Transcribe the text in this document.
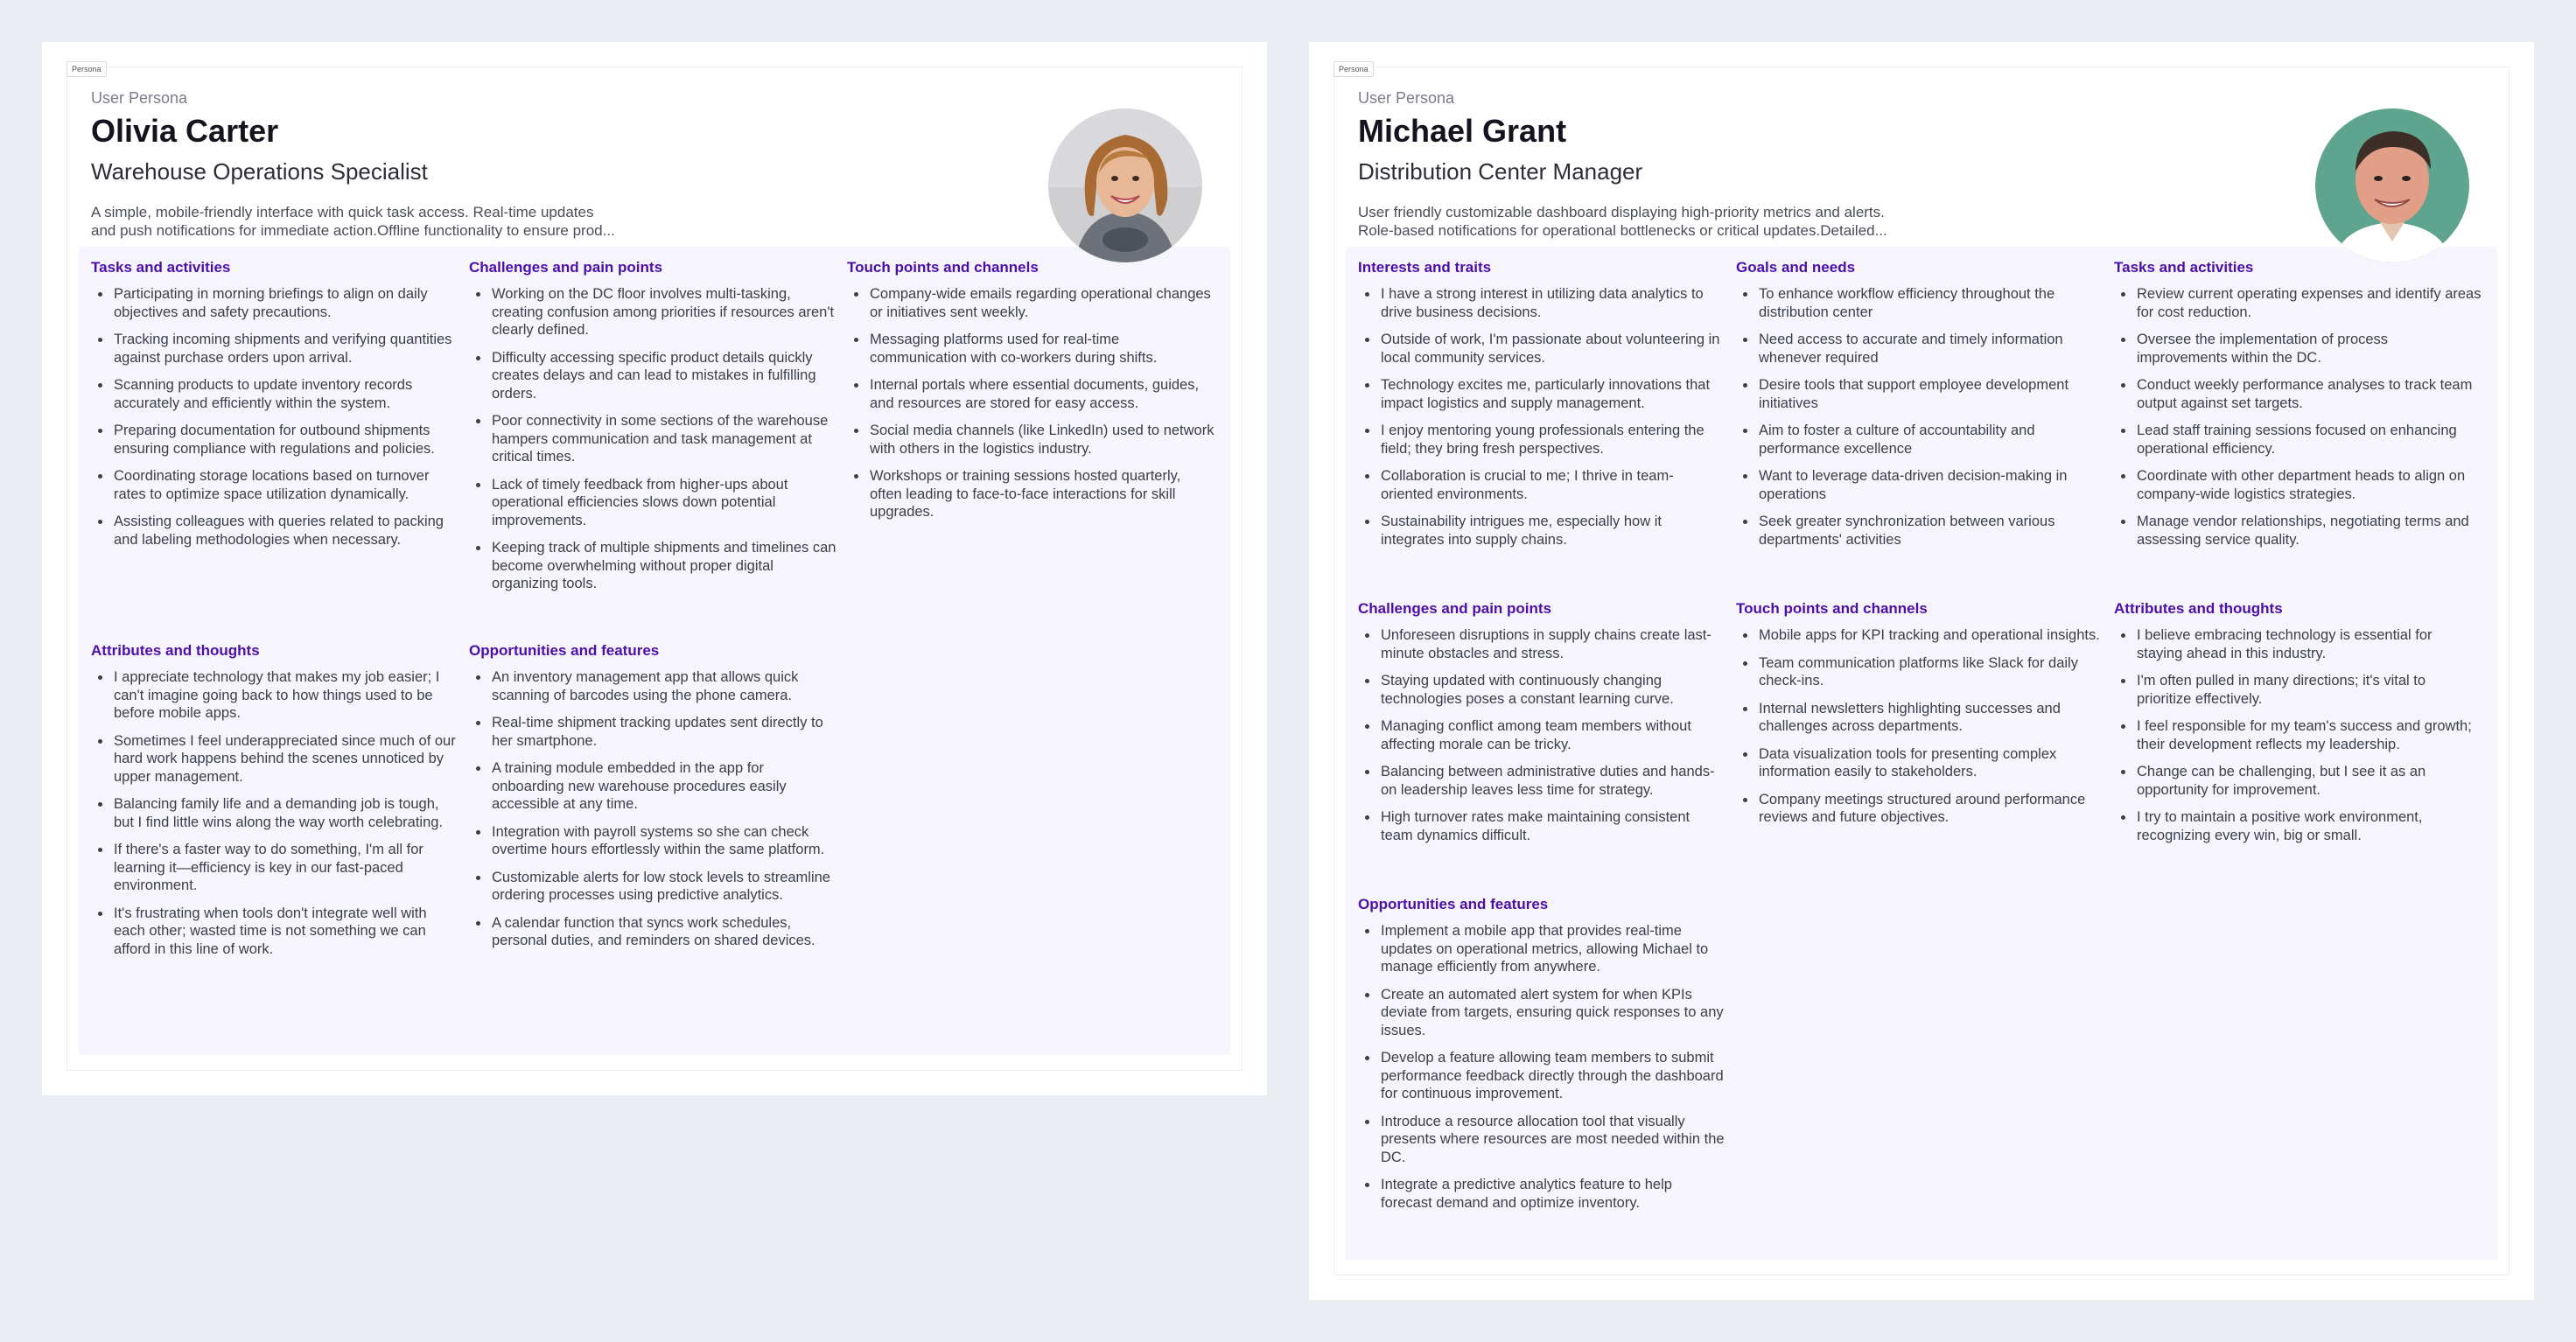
Persona
User Persona
Olivia Carter
Warehouse Operations Specialist
A simple, mobile-friendly interface with quick task access. Real-time updates
and push notifications for immediate action.Offline functionality to ensure prod...
Tasks and activities
• Participating in morning briefings to align on daily objectives and safety precautions.
• Tracking incoming shipments and verifying quantities against purchase orders upon arrival.
• Scanning products to update inventory records accurately and efficiently within the system.
• Preparing documentation for outbound shipments ensuring compliance with regulations and policies.
• Coordinating storage locations based on turnover rates to optimize space utilization dynamically.
• Assisting colleagues with queries related to packing and labeling methodologies when necessary.
Challenges and pain points
• Working on the DC floor involves multi-tasking, creating confusion among priorities if resources aren't clearly defined.
• Difficulty accessing specific product details quickly creates delays and can lead to mistakes in fulfilling orders.
• Poor connectivity in some sections of the warehouse hampers communication and task management at critical times.
• Lack of timely feedback from higher-ups about operational efficiencies slows down potential improvements.
• Keeping track of multiple shipments and timelines can become overwhelming without proper digital organizing tools.
Touch points and channels
• Company-wide emails regarding operational changes or initiatives sent weekly.
• Messaging platforms used for real-time communication with co-workers during shifts.
• Internal portals where essential documents, guides, and resources are stored for easy access.
• Social media channels (like LinkedIn) used to network with others in the logistics industry.
• Workshops or training sessions hosted quarterly, often leading to face-to-face interactions for skill upgrades.
Attributes and thoughts
• I appreciate technology that makes my job easier; I can't imagine going back to how things used to be before mobile apps.
• Sometimes I feel underappreciated since much of our hard work happens behind the scenes unnoticed by upper management.
• Balancing family life and a demanding job is tough, but I find little wins along the way worth celebrating.
• If there's a faster way to do something, I'm all for learning it—efficiency is key in our fast-paced environment.
• It's frustrating when tools don't integrate well with each other; wasted time is not something we can afford in this line of work.
Opportunities and features
• An inventory management app that allows quick scanning of barcodes using the phone camera.
• Real-time shipment tracking updates sent directly to her smartphone.
• A training module embedded in the app for onboarding new warehouse procedures easily accessible at any time.
• Integration with payroll systems so she can check overtime hours effortlessly within the same platform.
• Customizable alerts for low stock levels to streamline ordering processes using predictive analytics.
• A calendar function that syncs work schedules, personal duties, and reminders on shared devices.
Persona
User Persona
Michael Grant
Distribution Center Manager
User friendly customizable dashboard displaying high-priority metrics and alerts.
Role-based notifications for operational bottlenecks or critical updates.Detailed...
Interests and traits
• I have a strong interest in utilizing data analytics to drive business decisions.
• Outside of work, I'm passionate about volunteering in local community services.
• Technology excites me, particularly innovations that impact logistics and supply management.
• I enjoy mentoring young professionals entering the field; they bring fresh perspectives.
• Collaboration is crucial to me; I thrive in team-oriented environments.
• Sustainability intrigues me, especially how it integrates into supply chains.
Goals and needs
• To enhance workflow efficiency throughout the distribution center
• Need access to accurate and timely information whenever required
• Desire tools that support employee development initiatives
• Aim to foster a culture of accountability and performance excellence
• Want to leverage data-driven decision-making in operations
• Seek greater synchronization between various departments' activities
Tasks and activities
• Review current operating expenses and identify areas for cost reduction.
• Oversee the implementation of process improvements within the DC.
• Conduct weekly performance analyses to track team output against set targets.
• Lead staff training sessions focused on enhancing operational efficiency.
• Coordinate with other department heads to align on company-wide logistics strategies.
• Manage vendor relationships, negotiating terms and assessing service quality.
Challenges and pain points
• Unforeseen disruptions in supply chains create last-minute obstacles and stress.
• Staying updated with continuously changing technologies poses a constant learning curve.
• Managing conflict among team members without affecting morale can be tricky.
• Balancing between administrative duties and hands-on leadership leaves less time for strategy.
• High turnover rates make maintaining consistent team dynamics difficult.
Touch points and channels
• Mobile apps for KPI tracking and operational insights.
• Team communication platforms like Slack for daily check-ins.
• Internal newsletters highlighting successes and challenges across departments.
• Data visualization tools for presenting complex information easily to stakeholders.
• Company meetings structured around performance reviews and future objectives.
Attributes and thoughts
• I believe embracing technology is essential for staying ahead in this industry.
• I'm often pulled in many directions; it's vital to prioritize effectively.
• I feel responsible for my team's success and growth; their development reflects my leadership.
• Change can be challenging, but I see it as an opportunity for improvement.
• I try to maintain a positive work environment, recognizing every win, big or small.
Opportunities and features
• Implement a mobile app that provides real-time updates on operational metrics, allowing Michael to manage efficiently from anywhere.
• Create an automated alert system for when KPIs deviate from targets, ensuring quick responses to any issues.
• Develop a feature allowing team members to submit performance feedback directly through the dashboard for continuous improvement.
• Introduce a resource allocation tool that visually presents where resources are most needed within the DC.
• Integrate a predictive analytics feature to help forecast demand and optimize inventory.
